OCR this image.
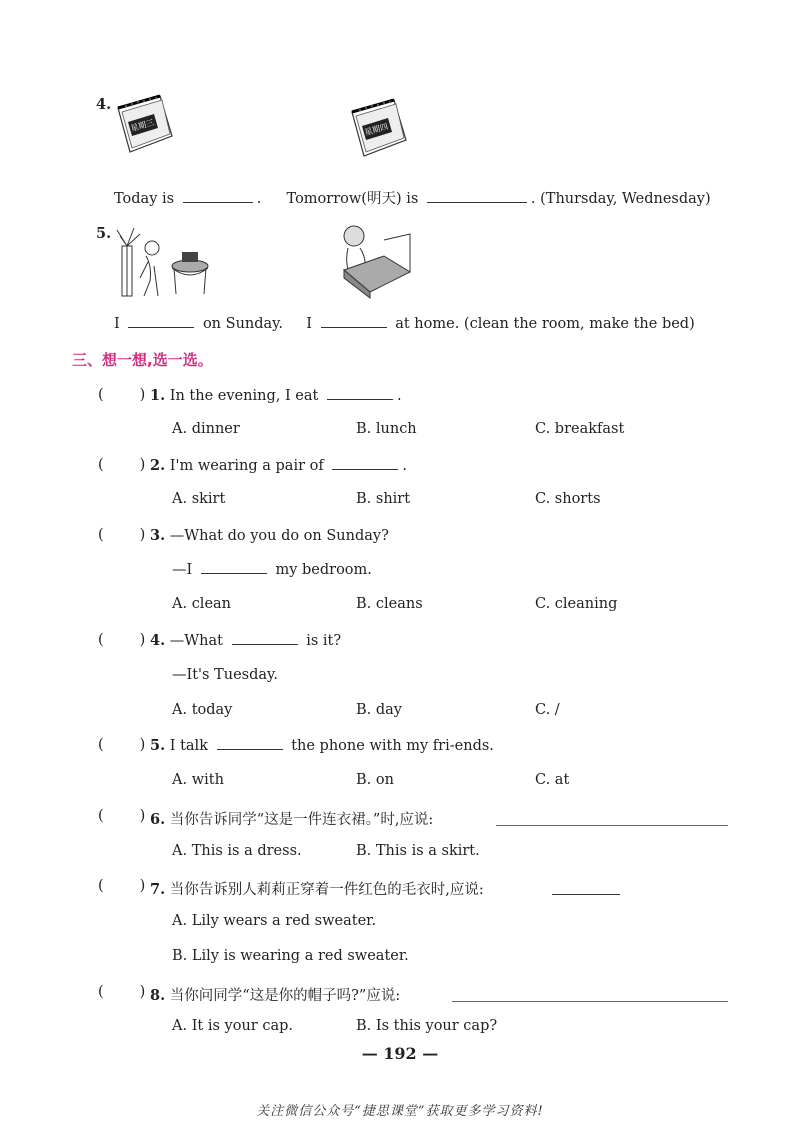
4.
星期三	星期四
Today is	. Tomorrow(明天) is	. (Thursday, Wednesday)
5.
I	on Sunday. I	at home. (clean the room, make the bed)
三、想一想,选一选。
( ) 1. In the evening, I eat	.
A. dinner	B. lunch	C. breakfast
( ) 2. I'm wearing a pair of	.
A. skirt	B. shirt	C. shorts
( ) 3. —What do you do on Sunday?
—I	my bedroom.
A. clean	B. cleans	C. cleaning
( ) 4. —What	is it?
—It's Tuesday.
A. today	B. day	C. /
( ) 5. I talk	the phone with my fri-ends.
A. with	B. on	C. at
( ) 6. 当你告诉同学“这是一件连衣裙。”时,应说:
A. This is a dress.	B. This is a skirt.
( ) 7. 当你告诉别人莉莉正穿着一件红色的毛衣时,应说:
A. Lily wears a red sweater.
B. Lily is wearing a red sweater.
( ) 8. 当你问同学“这是你的帽子吗?”应说:
A. It is your cap.	B. Is this your cap?
— 192 —
关注微信公众号“捷思课堂”获取更多学习资料!
